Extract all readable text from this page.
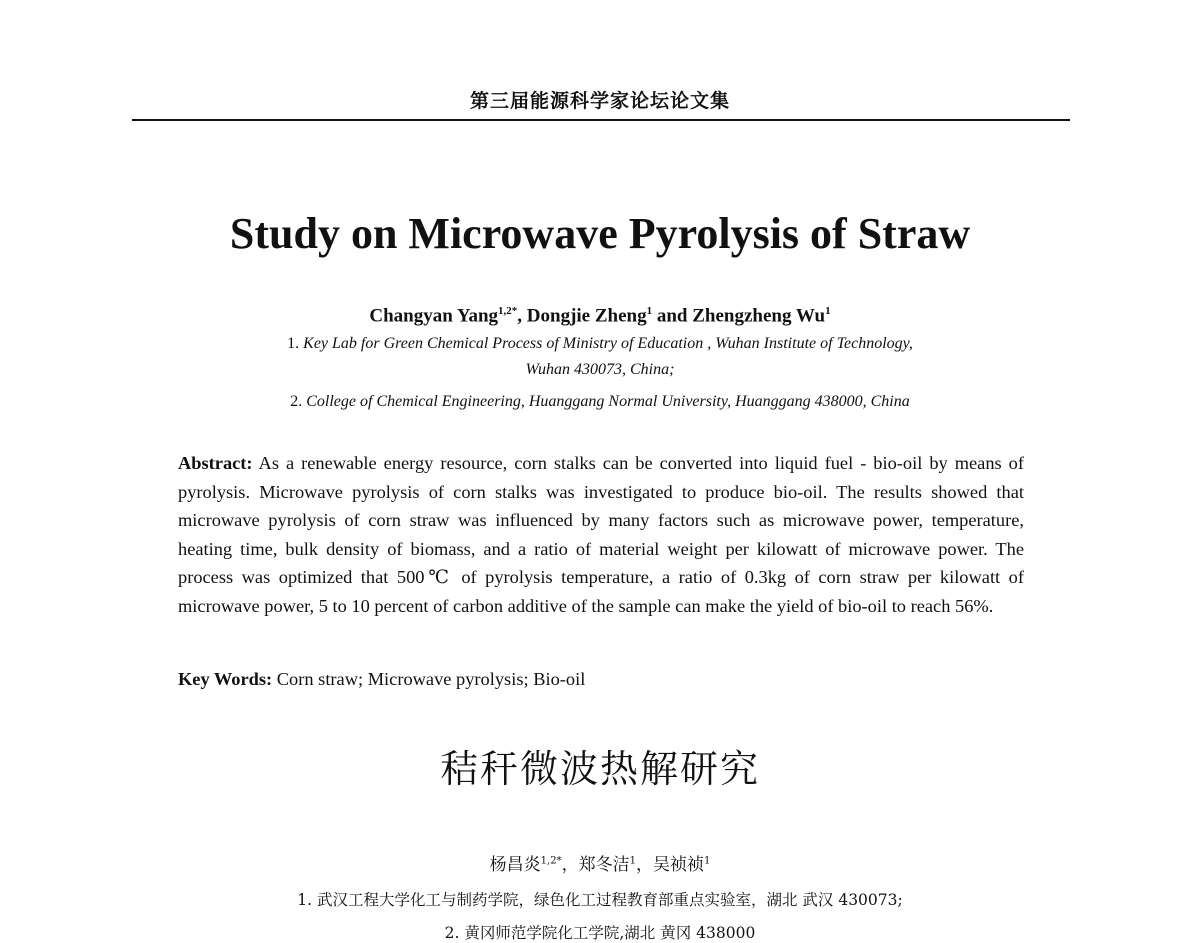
第三届能源科学家论坛论文集
Study on Microwave Pyrolysis of Straw
Changyan Yang$^{1,2*}$, Dongjie Zheng$^1$ and Zhengzheng Wu$^1$
1. Key Lab for Green Chemical Process of Ministry of Education , Wuhan Institute of Technology,
Wuhan 430073, China;
2. College of Chemical Engineering, Huanggang Normal University, Huanggang 438000, China
Abstract: As a renewable energy resource, corn stalks can be converted into liquid fuel - bio-oil by means of pyrolysis. Microwave pyrolysis of corn stalks was investigated to produce bio-oil. The results showed that microwave pyrolysis of corn straw was influenced by many factors such as microwave power, temperature, heating time, bulk density of biomass, and a ratio of material weight per kilowatt of microwave power. The process was optimized that 500℃ of pyrolysis temperature, a ratio of 0.3kg of corn straw per kilowatt of microwave power, 5 to 10 percent of carbon additive of the sample can make the yield of bio-oil to reach 56%.
Key Words: Corn straw; Microwave pyrolysis; Bio-oil
秸秆微波热解研究
杨昌炎$^{1,2*}$，郑冬洁$^1$，吴祯祯$^1$
1. 武汉工程大学化工与制药学院，绿色化工过程教育部重点实验室，湖北 武汉 430073;
2. 黄冈师范学院化工学院,湖北 黄冈 438000
